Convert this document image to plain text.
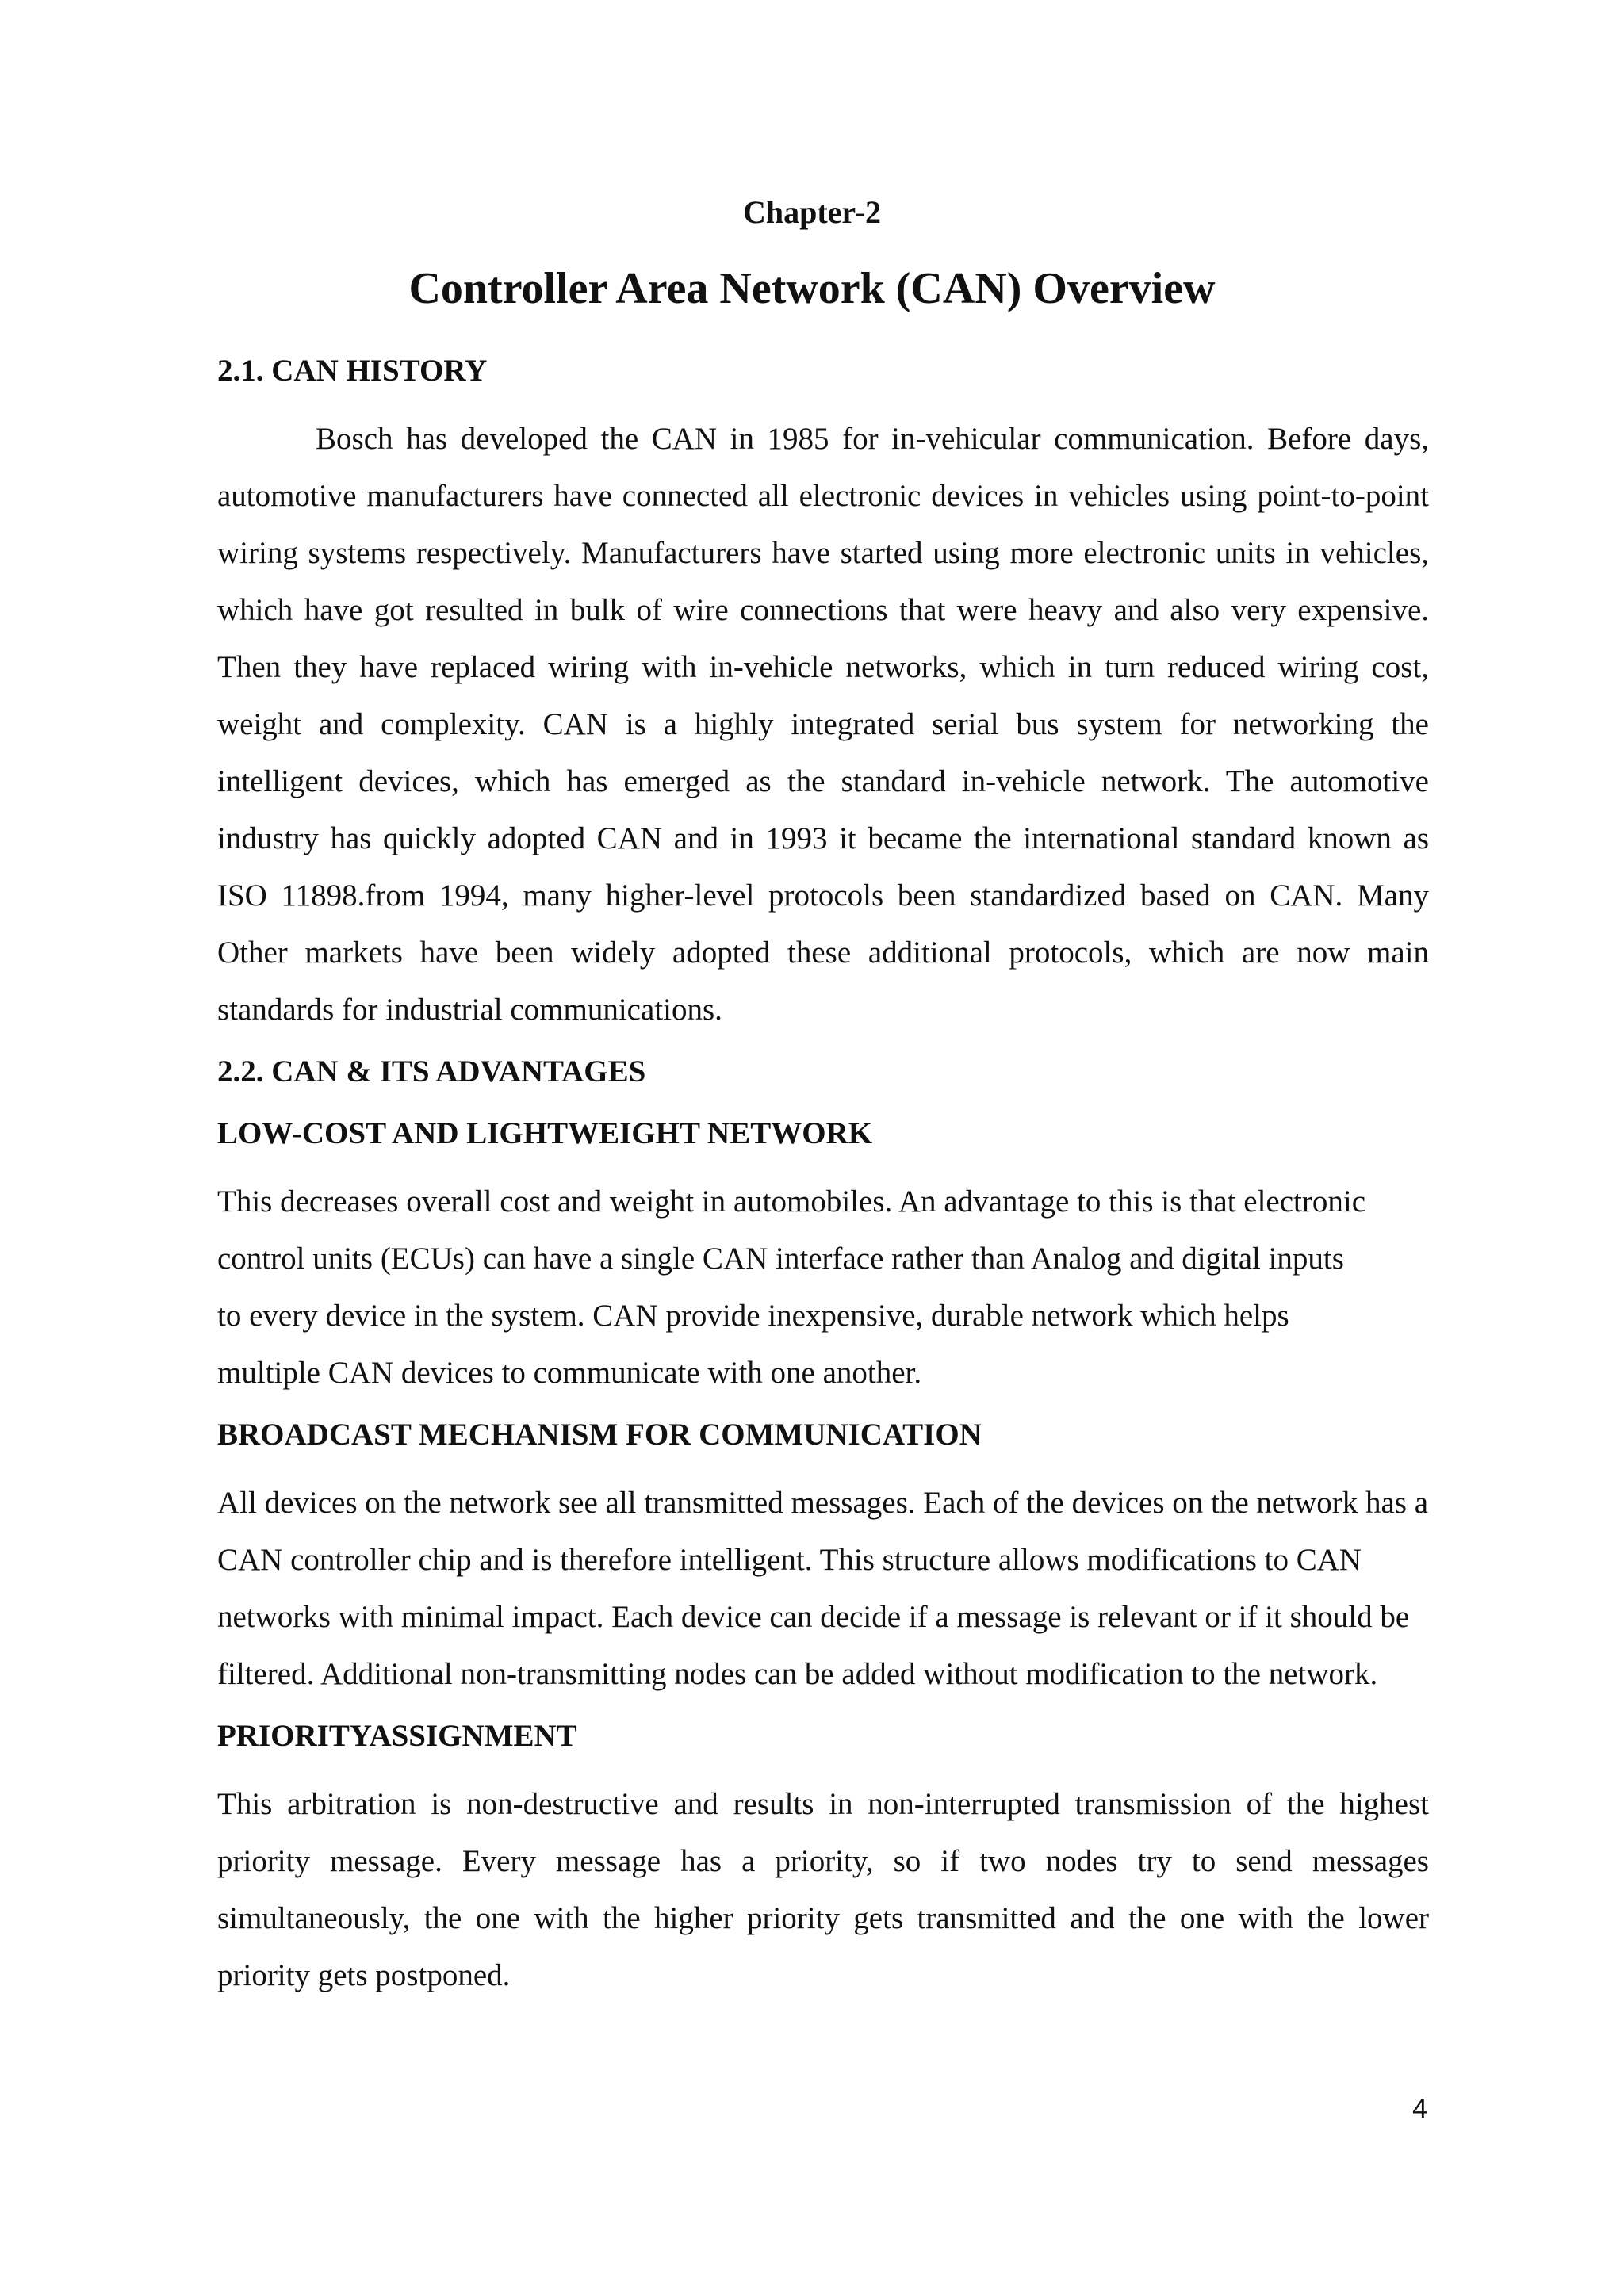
Chapter-2
Controller Area Network (CAN) Overview
2.1. CAN HISTORY

Bosch has developed the CAN in 1985 for in-vehicular communication. Before days, automotive manufacturers have connected all electronic devices in vehicles using point-to-point wiring systems respectively. Manufacturers have started using more electronic units in vehicles, which have got resulted in bulk of wire connections that were heavy and also very expensive. Then they have replaced wiring with in-vehicle networks, which in turn reduced wiring cost, weight and complexity. CAN is a highly integrated serial bus system for networking the intelligent devices, which has emerged as the standard in-vehicle network. The automotive industry has quickly adopted CAN and in 1993 it became the international standard known as ISO 11898.from 1994, many higher-level protocols been standardized based on CAN. Many Other markets have been widely adopted these additional protocols, which are now main standards for industrial communications.

2.2. CAN & ITS ADVANTAGES
LOW-COST AND LIGHTWEIGHT NETWORK

This decreases overall cost and weight in automobiles. An advantage to this is that electronic control units (ECUs) can have a single CAN interface rather than Analog and digital inputs to every device in the system. CAN provide inexpensive, durable network which helps multiple CAN devices to communicate with one another.

BROADCAST MECHANISM FOR COMMUNICATION

All devices on the network see all transmitted messages. Each of the devices on the network has a CAN controller chip and is therefore intelligent. This structure allows modifications to CAN networks with minimal impact. Each device can decide if a message is relevant or if it should be filtered. Additional non-transmitting nodes can be added without modification to the network.

PRIORITYASSIGNMENT

This arbitration is non-destructive and results in non-interrupted transmission of the highest priority message. Every message has a priority, so if two nodes try to send messages simultaneously, the one with the higher priority gets transmitted and the one with the lower priority gets postponed.

4
